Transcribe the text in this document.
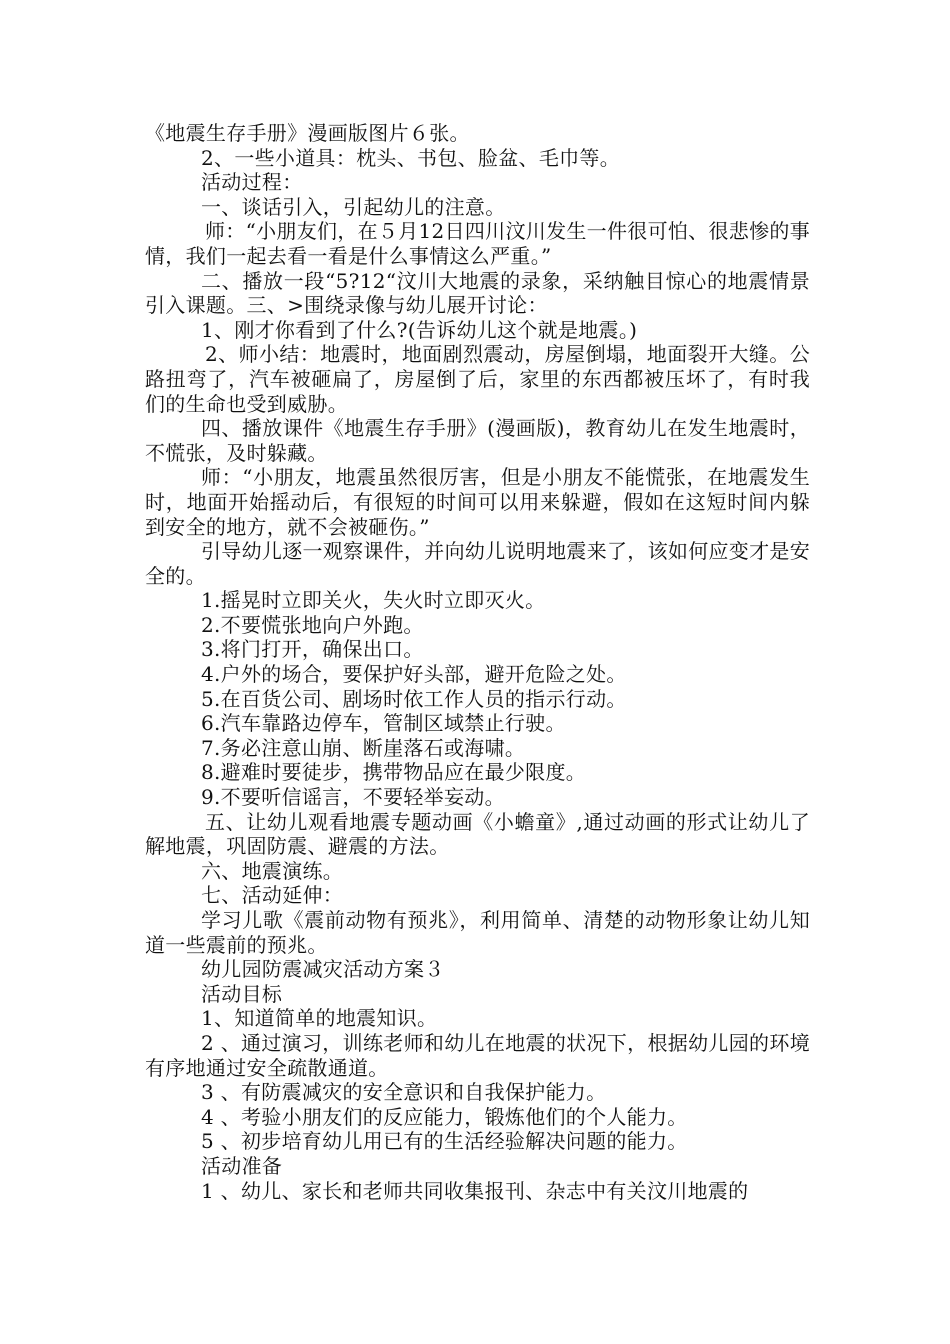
《地震生存手册》漫画版图片６张。

2、一些小道具：枕头、书包、脸盆、毛巾等。

活动过程：

一、谈话引入，引起幼儿的注意。

师：“小朋友们，在５月12日四川汶川发生一件很可怕、很悲惨的事情，我们一起去看一看是什么事情这么严重。”

二、播放一段“5?12“汶川大地震的录象，采纳触目惊心的地震情景引入课题。三、>围绕录像与幼儿展开讨论：

1、刚才你看到了什么?(告诉幼儿这个就是地震。)

2、师小结：地震时，地面剧烈震动，房屋倒塌，地面裂开大缝。公路扭弯了，汽车被砸扁了，房屋倒了后，家里的东西都被压坏了，有时我们的生命也受到威胁。

四、播放课件《地震生存手册》(漫画版)，教育幼儿在发生地震时，不慌张，及时躲藏。

师：“小朋友，地震虽然很厉害，但是小朋友不能慌张，在地震发生时，地面开始摇动后，有很短的时间可以用来躲避，假如在这短时间内躲到安全的地方，就不会被砸伤。”

引导幼儿逐一观察课件，并向幼儿说明地震来了，该如何应变才是安全的。

1.摇晃时立即关火，失火时立即灭火。

2.不要慌张地向户外跑。

3.将门打开，确保出口。

4.户外的场合，要保护好头部，避开危险之处。

5.在百货公司、剧场时依工作人员的指示行动。

6.汽车靠路边停车，管制区域禁止行驶。

7.务必注意山崩、断崖落石或海啸。

8.避难时要徒步，携带物品应在最少限度。

9.不要听信谣言，不要轻举妄动。

五、让幼儿观看地震专题动画《小蟾童》,通过动画的形式让幼儿了解地震，巩固防震、避震的方法。

六、地震演练。

七、活动延伸：

学习儿歌《震前动物有预兆》，利用简单、清楚的动物形象让幼儿知道一些震前的预兆。

幼儿园防震减灾活动方案３

活动目标

1、知道简单的地震知识。

2 、通过演习，训练老师和幼儿在地震的状况下，根据幼儿园的环境有序地通过安全疏散通道。

3 、有防震减灾的安全意识和自我保护能力。

4 、考验小朋友们的反应能力，锻炼他们的个人能力。

5 、初步培育幼儿用已有的生活经验解决问题的能力。

活动准备

1 、幼儿、家长和老师共同收集报刊、杂志中有关汶川地震的
